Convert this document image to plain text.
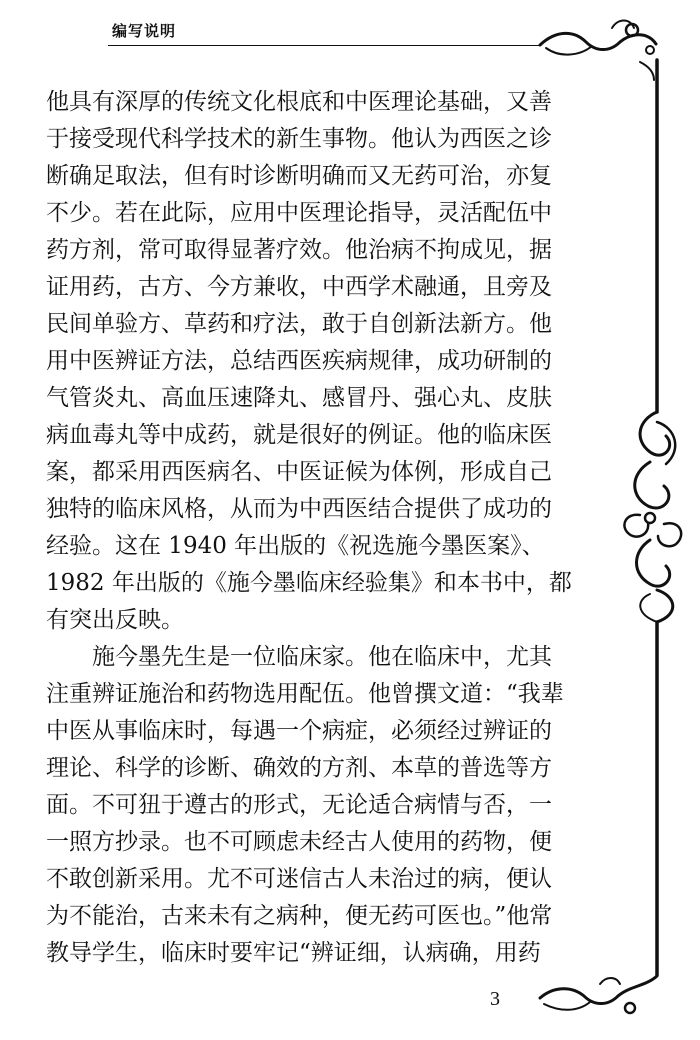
编写说明
他具有深厚的传统文化根底和中医理论基础，又善
于接受现代科学技术的新生事物。他认为西医之诊
断确足取法，但有时诊断明确而又无药可治，亦复
不少。若在此际，应用中医理论指导，灵活配伍中
药方剂，常可取得显著疗效。他治病不拘成见，据
证用药，古方、今方兼收，中西学术融通，且旁及
民间单验方、草药和疗法，敢于自创新法新方。他
用中医辨证方法，总结西医疾病规律，成功研制的
气管炎丸、高血压速降丸、感冒丹、强心丸、皮肤
病血毒丸等中成药，就是很好的例证。他的临床医
案，都采用西医病名、中医证候为体例，形成自己
独特的临床风格，从而为中西医结合提供了成功的
经验。这在 1940 年出版的《祝选施今墨医案》、
1982 年出版的《施今墨临床经验集》和本书中，都
有突出反映。
施今墨先生是一位临床家。他在临床中，尤其
注重辨证施治和药物选用配伍。他曾撰文道：“我辈
中医从事临床时，每遇一个病症，必须经过辨证的
理论、科学的诊断、确效的方剂、本草的普选等方
面。不可狃于遵古的形式，无论适合病情与否，一
一照方抄录。也不可顾虑未经古人使用的药物，便
不敢创新采用。尤不可迷信古人未治过的病，便认
为不能治，古来未有之病种，便无药可医也。”他常
教导学生，临床时要牢记“辨证细，认病确，用药
3
